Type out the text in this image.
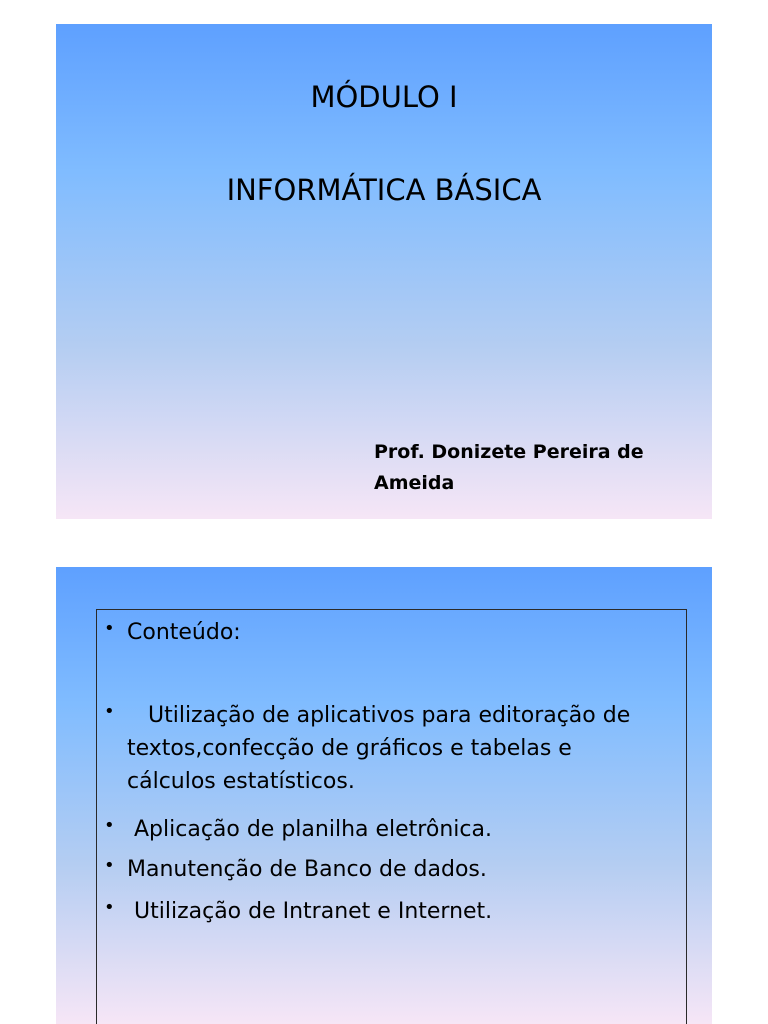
MÓDULO I
INFORMÁTICA BÁSICA
Prof. Donizete Pereira de Ameida
• Conteúdo:
• Utilização de aplicativos para editoração de textos,confecção de gráficos e tabelas e cálculos estatísticos.
• Aplicação de planilha eletrônica.
• Manutenção de Banco de dados.
• Utilização de Intranet e Internet.
